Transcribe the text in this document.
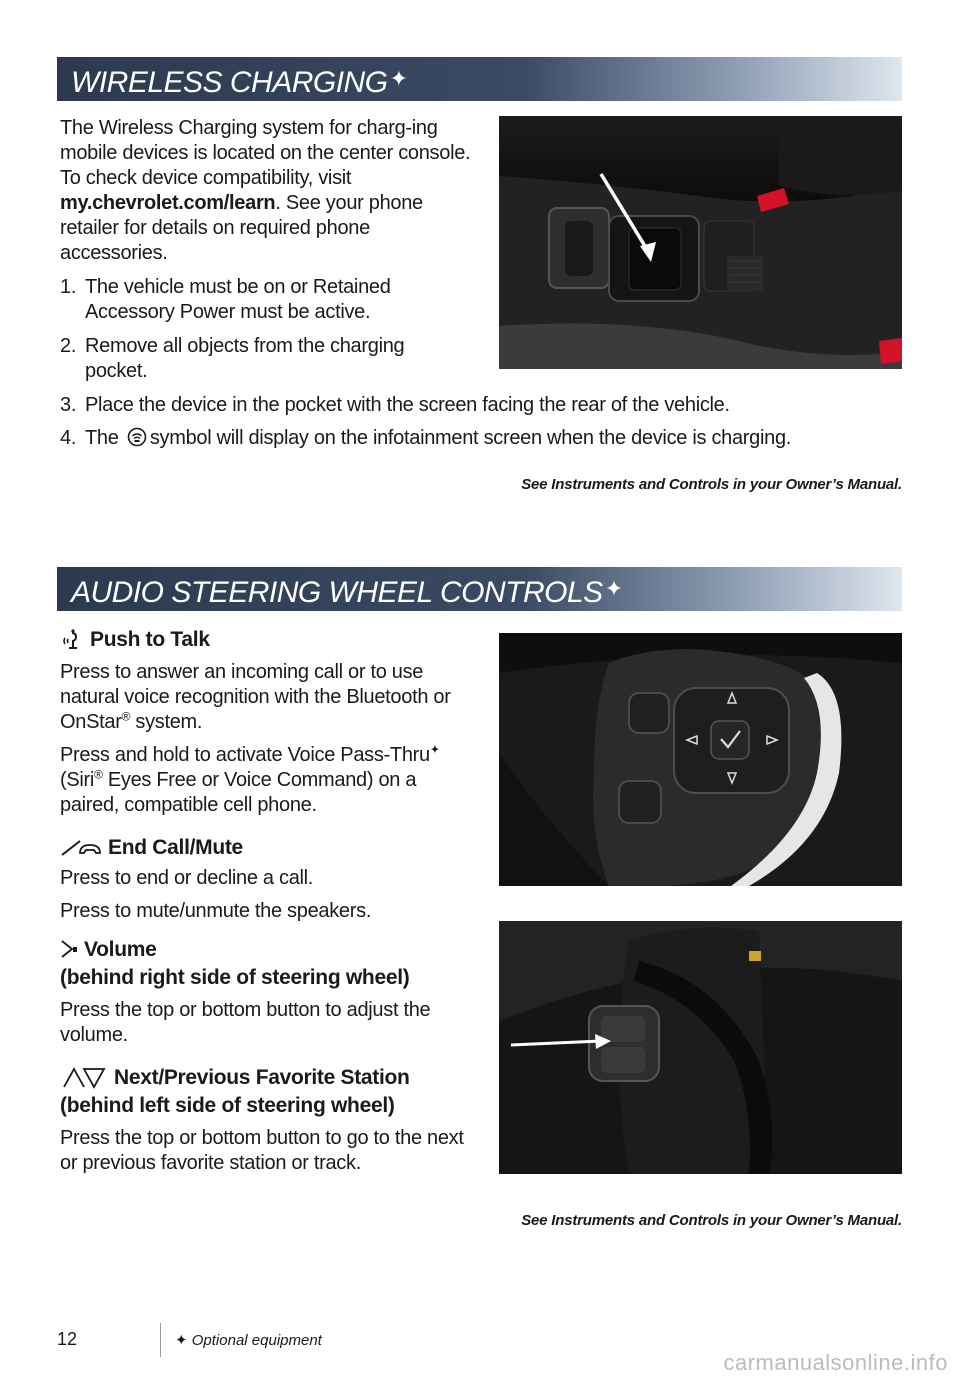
WIRELESS CHARGING✦
The Wireless Charging system for charg-ing mobile devices is located on the center console. To check device compatibility, visit my.chevrolet.com/learn. See your phone retailer for details on required phone accessories.
1. The vehicle must be on or Retained Accessory Power must be active.
2. Remove all objects from the charging pocket.
3. Place the device in the pocket with the screen facing the rear of the vehicle.
4. The symbol will display on the infotainment screen when the device is charging.
See Instruments and Controls in your Owner’s Manual.
AUDIO STEERING WHEEL CONTROLS✦
Push to Talk
Press to answer an incoming call or to use natural voice recognition with the Bluetooth or OnStar® system.
Press and hold to activate Voice Pass-Thru✦ (Siri® Eyes Free or Voice Command) on a paired, compatible cell phone.
End Call/Mute
Press to end or decline a call.
Press to mute/unmute the speakers.
Volume
(behind right side of steering wheel)
Press the top or bottom button to adjust the volume.
Next/Previous Favorite Station
(behind left side of steering wheel)
Press the top or bottom button to go to the next or previous favorite station or track.
See Instruments and Controls in your Owner’s Manual.
12	✦ Optional equipment
carmanualsonline.info
